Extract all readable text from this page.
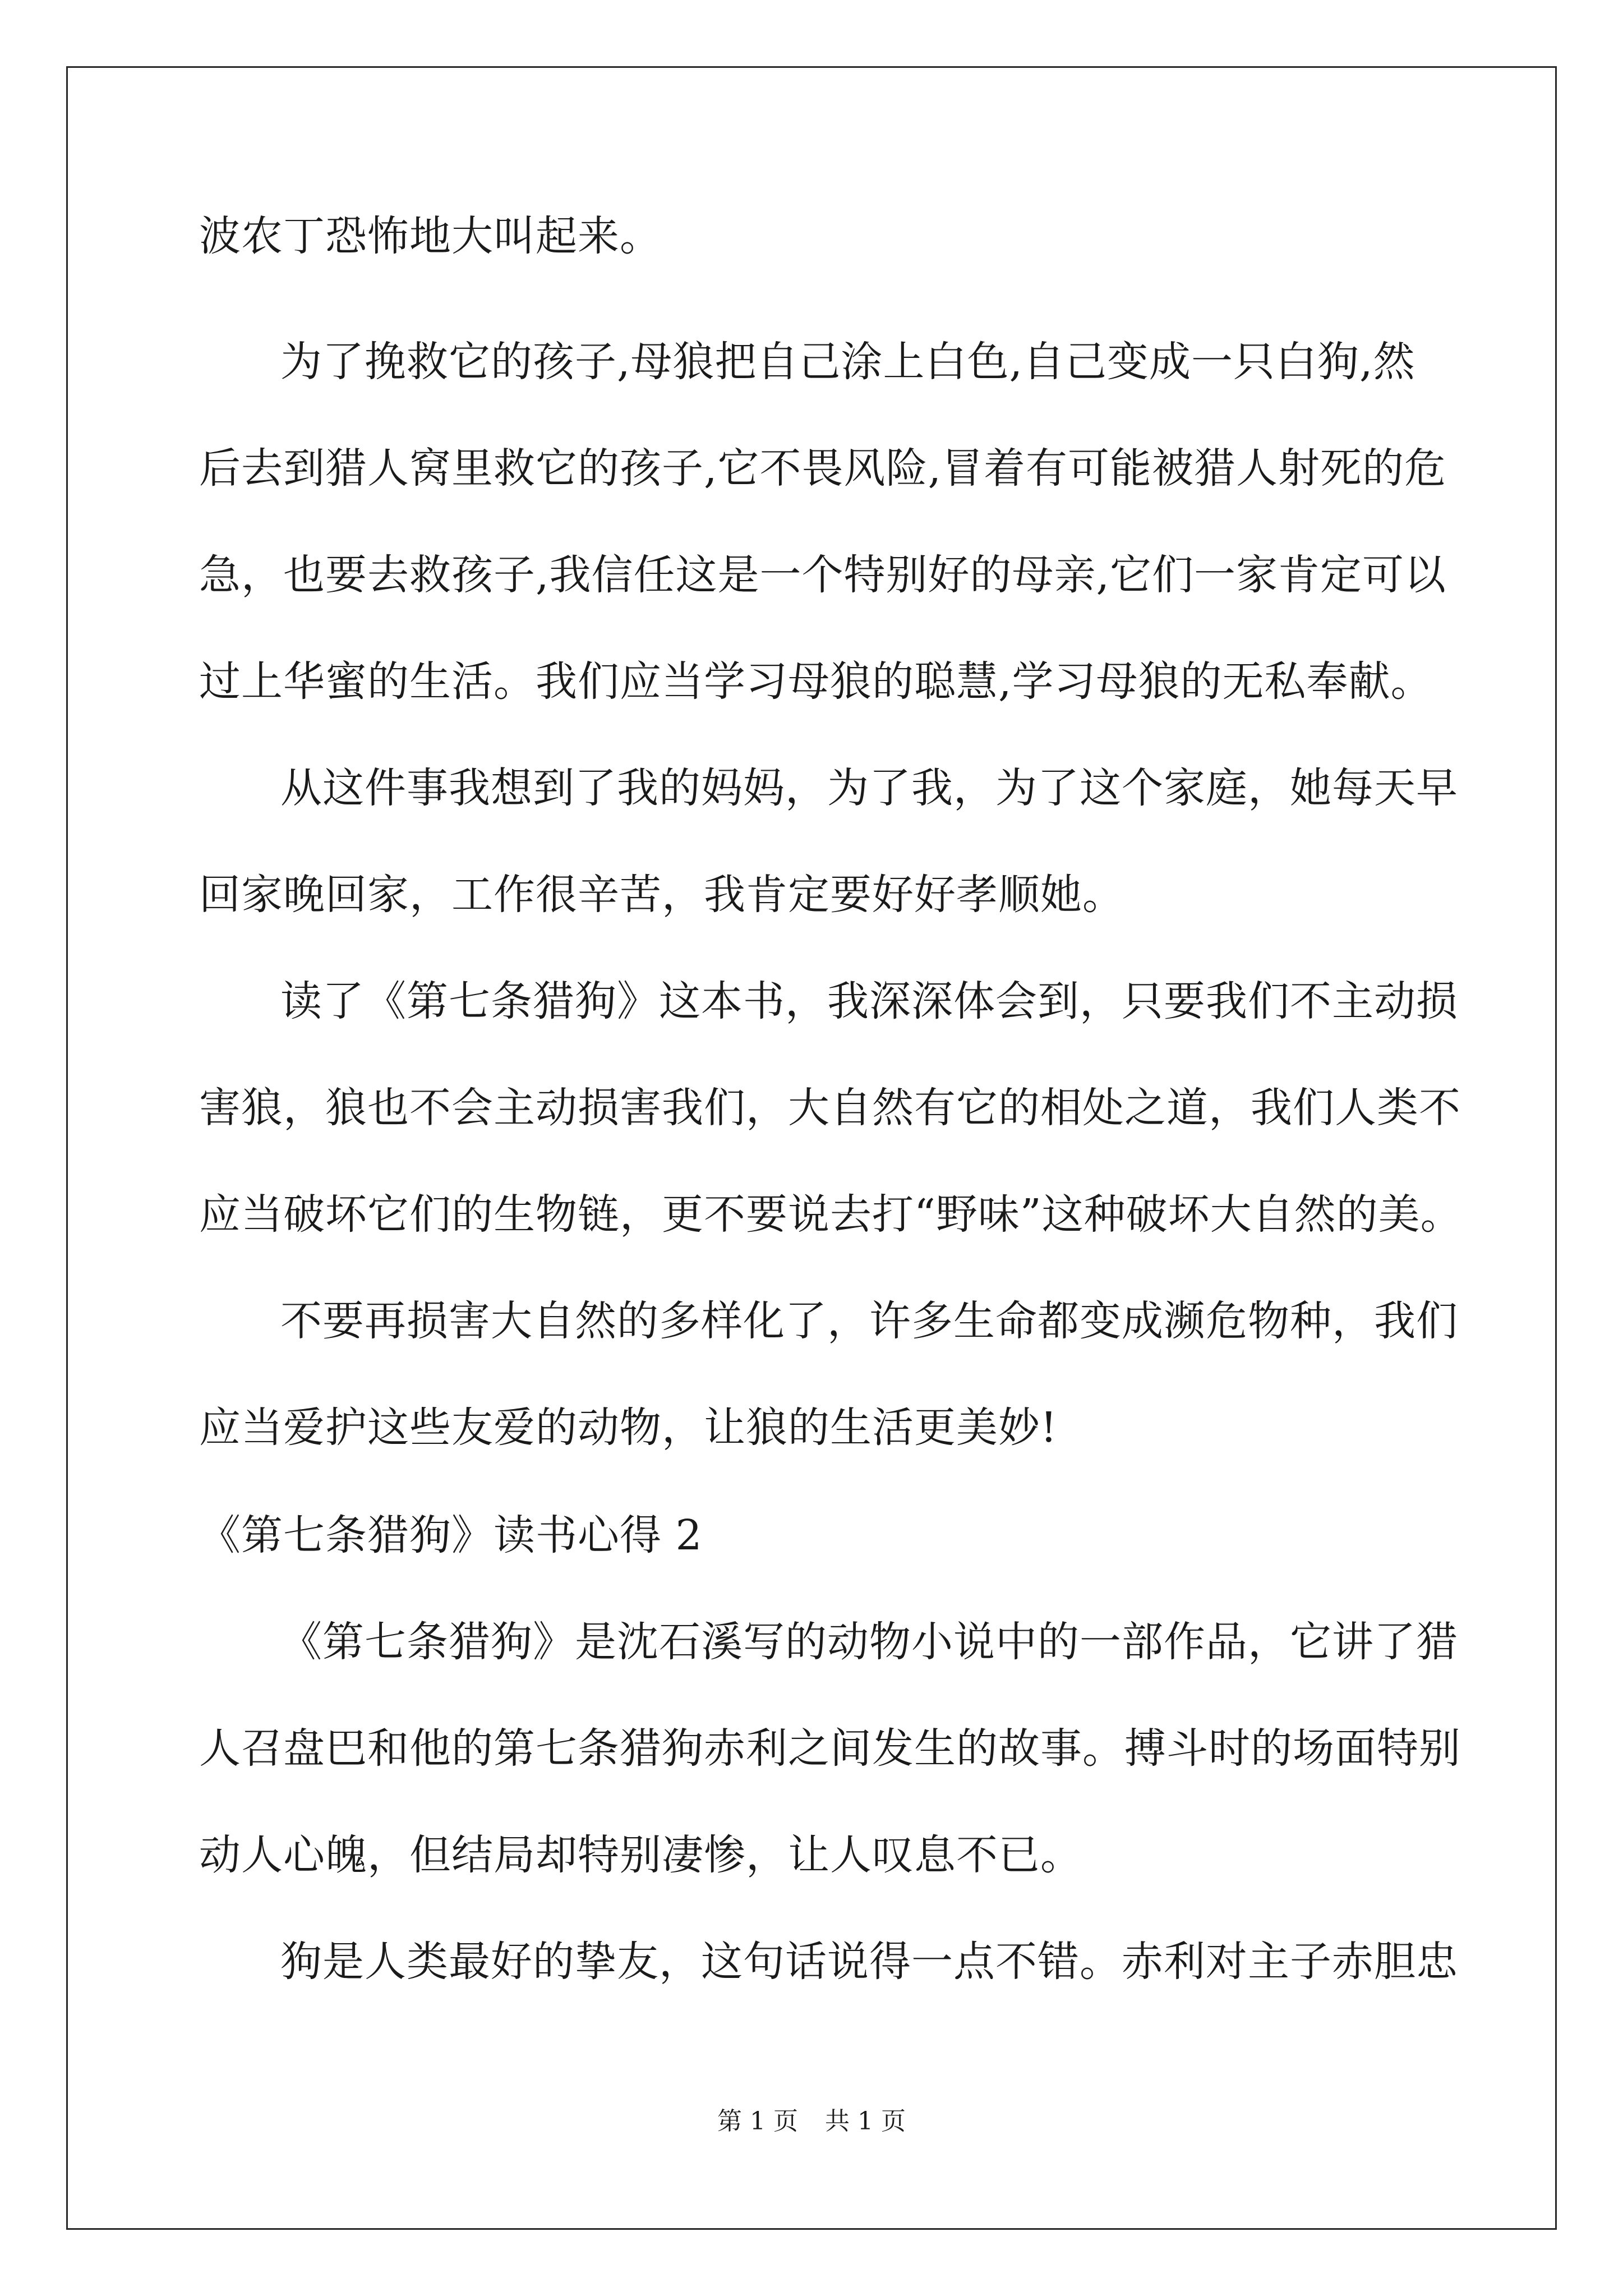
波农丁恐怖地大叫起来。
为了挽救它的孩子,母狼把自己涂上白色,自己变成一只白狗,然
后去到猎人窝里救它的孩子,它不畏风险,冒着有可能被猎人射死的危
急，也要去救孩子,我信任这是一个特别好的母亲,它们一家肯定可以
过上华蜜的生活。我们应当学习母狼的聪慧,学习母狼的无私奉献。
从这件事我想到了我的妈妈，为了我，为了这个家庭，她每天早
回家晚回家，工作很辛苦，我肯定要好好孝顺她。
读了《第七条猎狗》这本书，我深深体会到，只要我们不主动损
害狼，狼也不会主动损害我们，大自然有它的相处之道，我们人类不
应当破坏它们的生物链，更不要说去打“野味”这种破坏大自然的美。
不要再损害大自然的多样化了，许多生命都变成濒危物种，我们
应当爱护这些友爱的动物，让狼的生活更美妙!
《第七条猎狗》读书心得 2
《第七条猎狗》是沈石溪写的动物小说中的一部作品，它讲了猎
人召盘巴和他的第七条猎狗赤利之间发生的故事。搏斗时的场面特别
动人心魄，但结局却特别凄惨，让人叹息不已。
狗是人类最好的挚友，这句话说得一点不错。赤利对主子赤胆忠
第 1 页 共 1 页
